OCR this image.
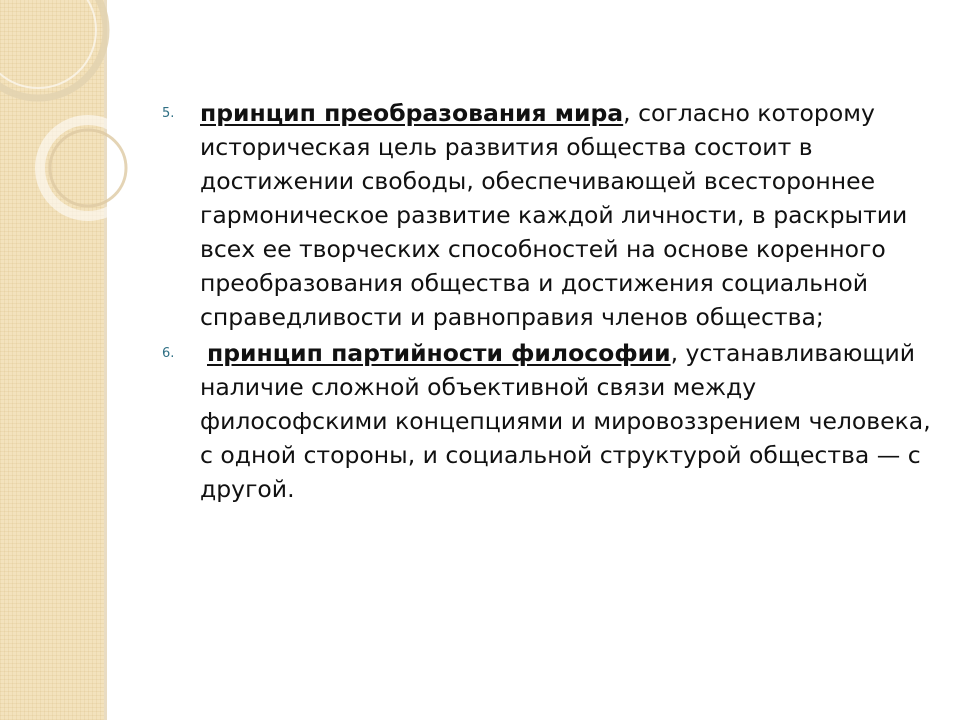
5. принцип преобразования мира, согласно которому историческая цель развития общества состоит в достижении свободы, обеспечивающей всестороннее гармоническое развитие каждой личности, в раскрытии всех ее творческих способностей на основе коренного преобразования общества и достижения социальной справедливости и равноправия членов общества;
6. принцип партийности философии, устанавливающий наличие сложной объективной связи между философскими концепциями и мировоззрением человека, с одной стороны, и социальной структурой общества — с другой.
